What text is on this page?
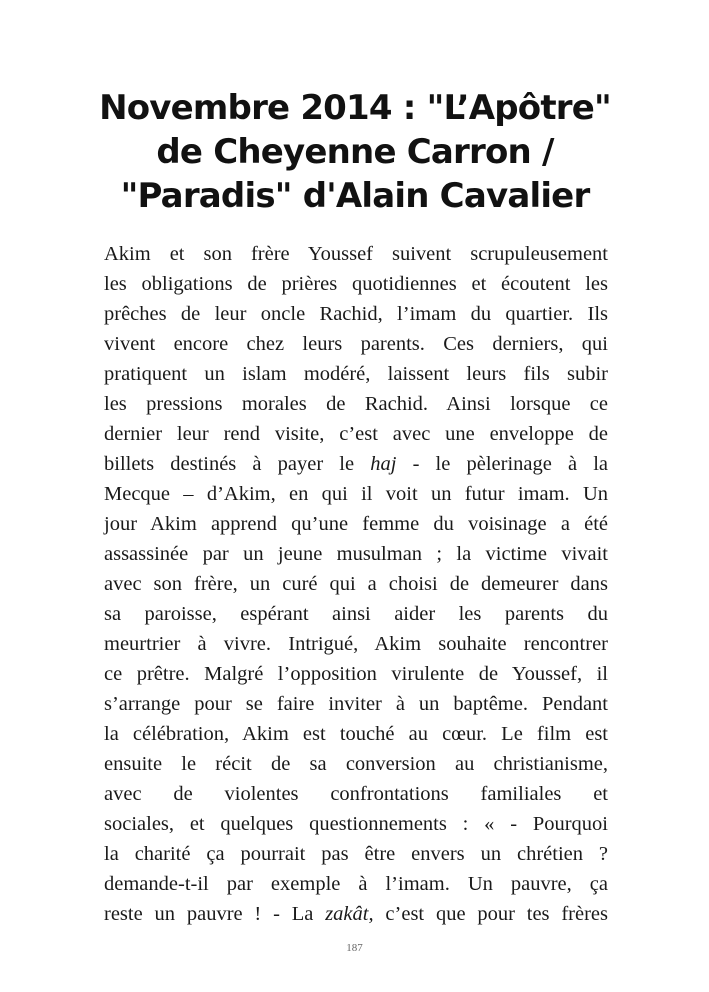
Novembre 2014 : "L’Apôtre"
de Cheyenne Carron /
"Paradis" d'Alain Cavalier
Akim et son frère Youssef suivent scrupuleusement
les obligations de prières quotidiennes et écoutent les
prêches de leur oncle Rachid, l’imam du quartier. Ils
vivent encore chez leurs parents. Ces derniers, qui
pratiquent un islam modéré, laissent leurs fils subir
les pressions morales de Rachid. Ainsi lorsque ce
dernier leur rend visite, c’est avec une enveloppe de
billets destinés à payer le haj - le pèlerinage à la
Mecque – d’Akim, en qui il voit un futur imam. Un
jour Akim apprend qu’une femme du voisinage a été
assassinée par un jeune musulman ; la victime vivait
avec son frère, un curé qui a choisi de demeurer dans
sa paroisse, espérant ainsi aider les parents du
meurtrier à vivre. Intrigué, Akim souhaite rencontrer
ce prêtre. Malgré l’opposition virulente de Youssef, il
s’arrange pour se faire inviter à un baptême. Pendant
la célébration, Akim est touché au cœur. Le film est
ensuite le récit de sa conversion au christianisme,
avec de violentes confrontations familiales et
sociales, et quelques questionnements : « - Pourquoi
la charité ça pourrait pas être envers un chrétien ?
demande-t-il par exemple à l’imam. Un pauvre, ça
reste un pauvre ! - La zakât, c’est que pour tes frères
187
